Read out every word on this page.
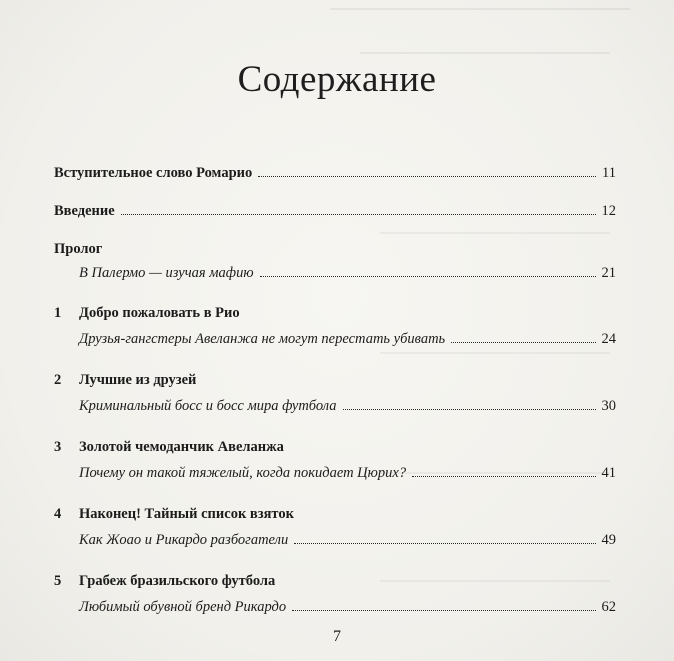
Содержание
Вступительное слово Ромарио	11
Введение	12
Пролог
В Палермо — изучая мафию	21
1	Добро пожаловать в Рио
Друзья-гангстеры Авеланжа не могут перестать убивать	24
2	Лучшие из друзей
Криминальный босс и босс мира футбола	30
3	Золотой чемоданчик Авеланжа
Почему он такой тяжелый, когда покидает Цюрих?	41
4	Наконец! Тайный список взяток
Как Жоао и Рикардо разбогатели	49
5	Грабеж бразильского футбола
Любимый обувной бренд Рикардо	62
7
